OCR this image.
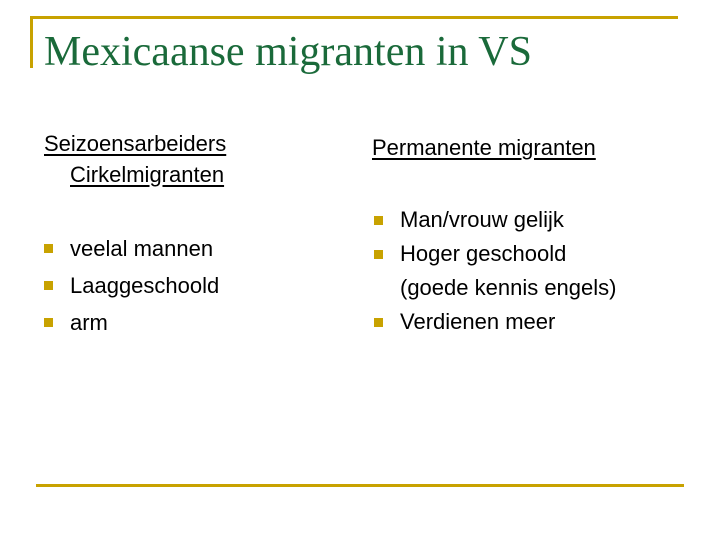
Mexicaanse migranten in VS
Seizoensarbeiders
Cirkelmigranten
veelal mannen
Laaggeschoold
arm
Permanente migranten
Man/vrouw gelijk
Hoger geschoold
(goede kennis engels)
Verdienen meer
